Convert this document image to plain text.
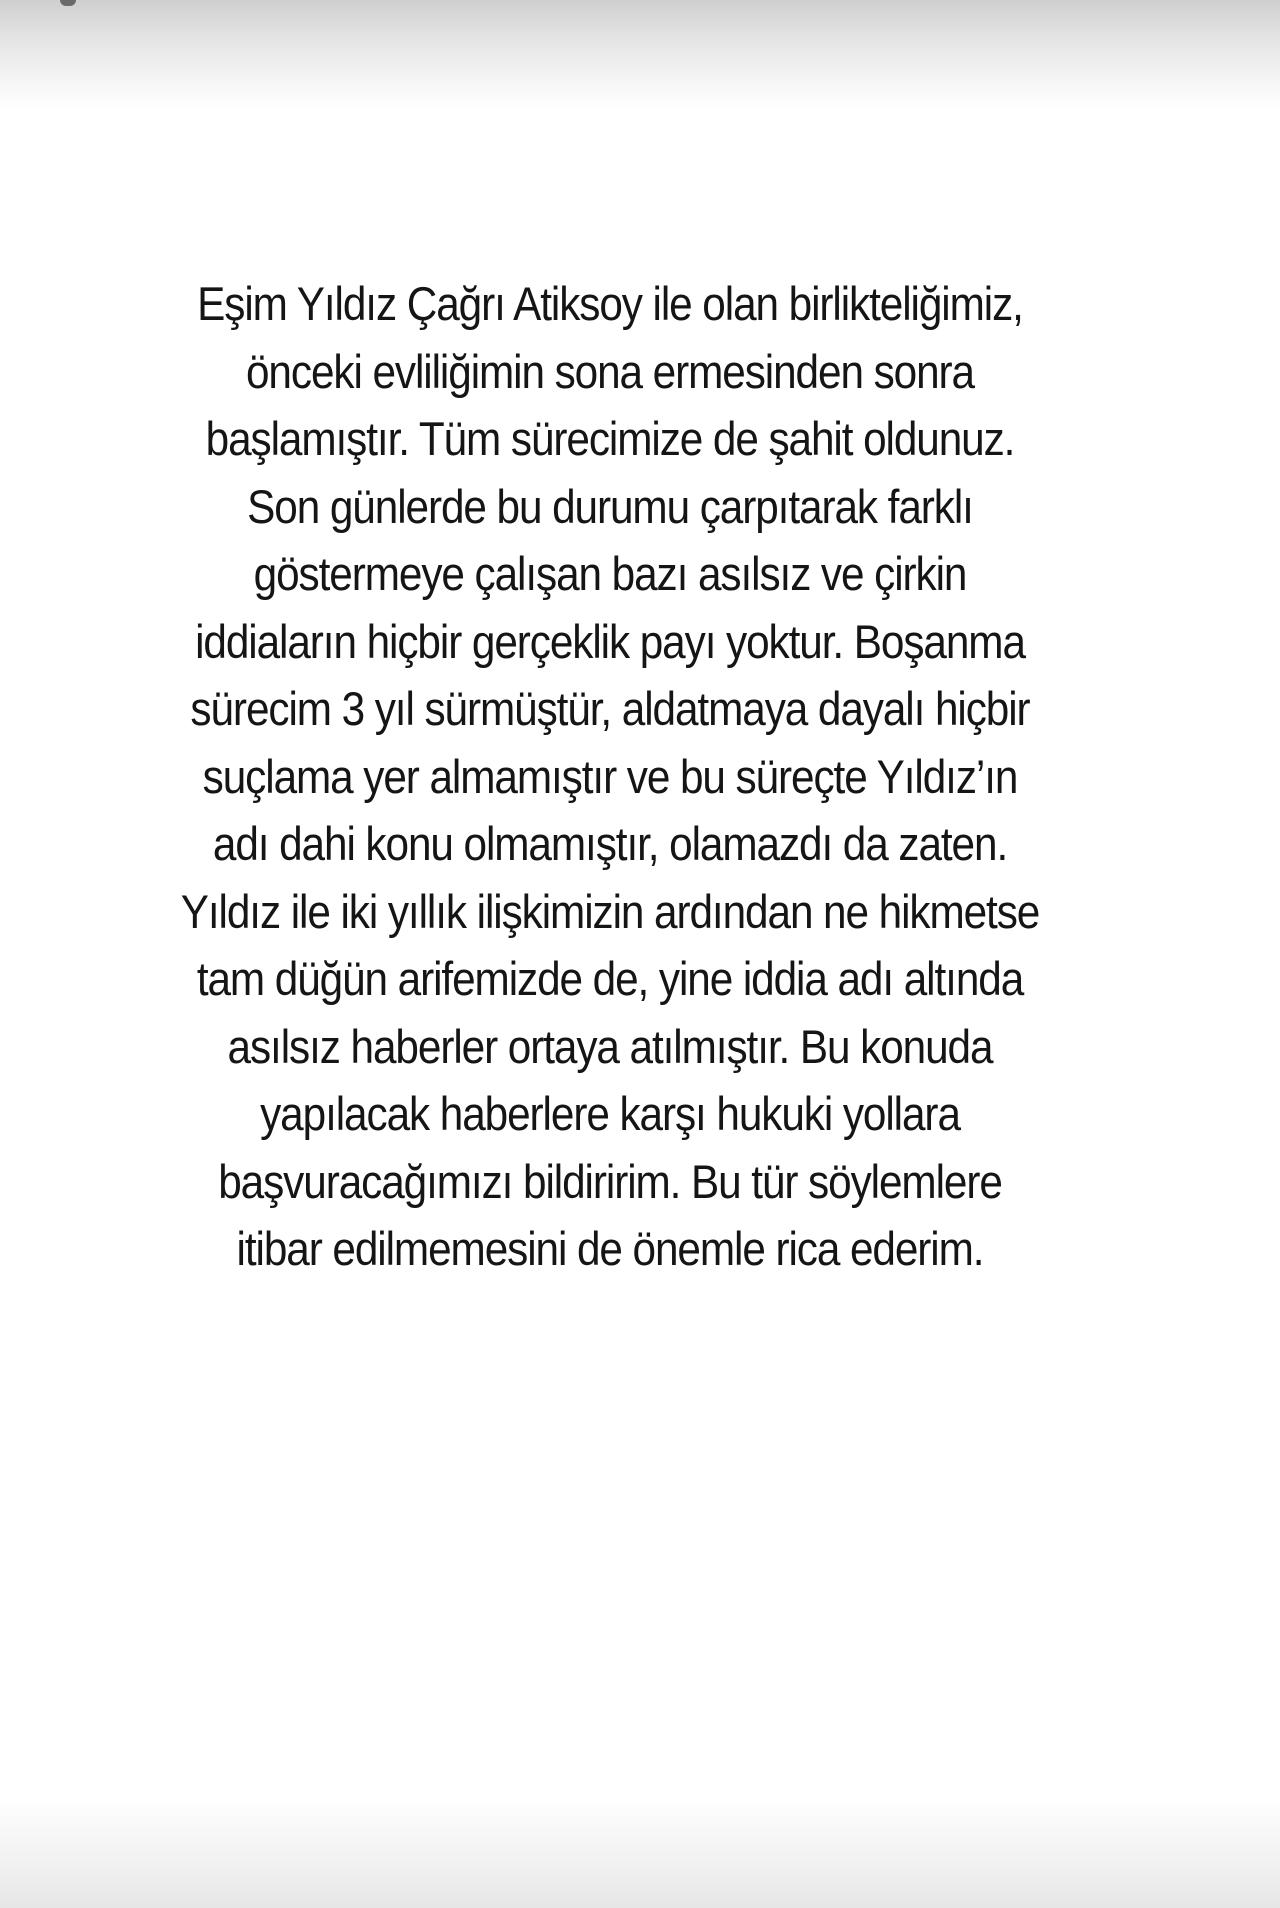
Eşim Yıldız Çağrı Atiksoy ile olan birlikteliğimiz,
önceki evliliğimin sona ermesinden sonra
başlamıştır. Tüm sürecimize de şahit oldunuz.
Son günlerde bu durumu çarpıtarak farklı
göstermeye çalışan bazı asılsız ve çirkin
iddiaların hiçbir gerçeklik payı yoktur. Boşanma
sürecim 3 yıl sürmüştür, aldatmaya dayalı hiçbir
suçlama yer almamıştır ve bu süreçte Yıldız’ın
adı dahi konu olmamıştır, olamazdı da zaten.
Yıldız ile iki yıllık ilişkimizin ardından ne hikmetse
tam düğün arifemizde de, yine iddia adı altında
asılsız haberler ortaya atılmıştır. Bu konuda
yapılacak haberlere karşı hukuki yollara
başvuracağımızı bildiririm. Bu tür söylemlere
itibar edilmemesini de önemle rica ederim.
